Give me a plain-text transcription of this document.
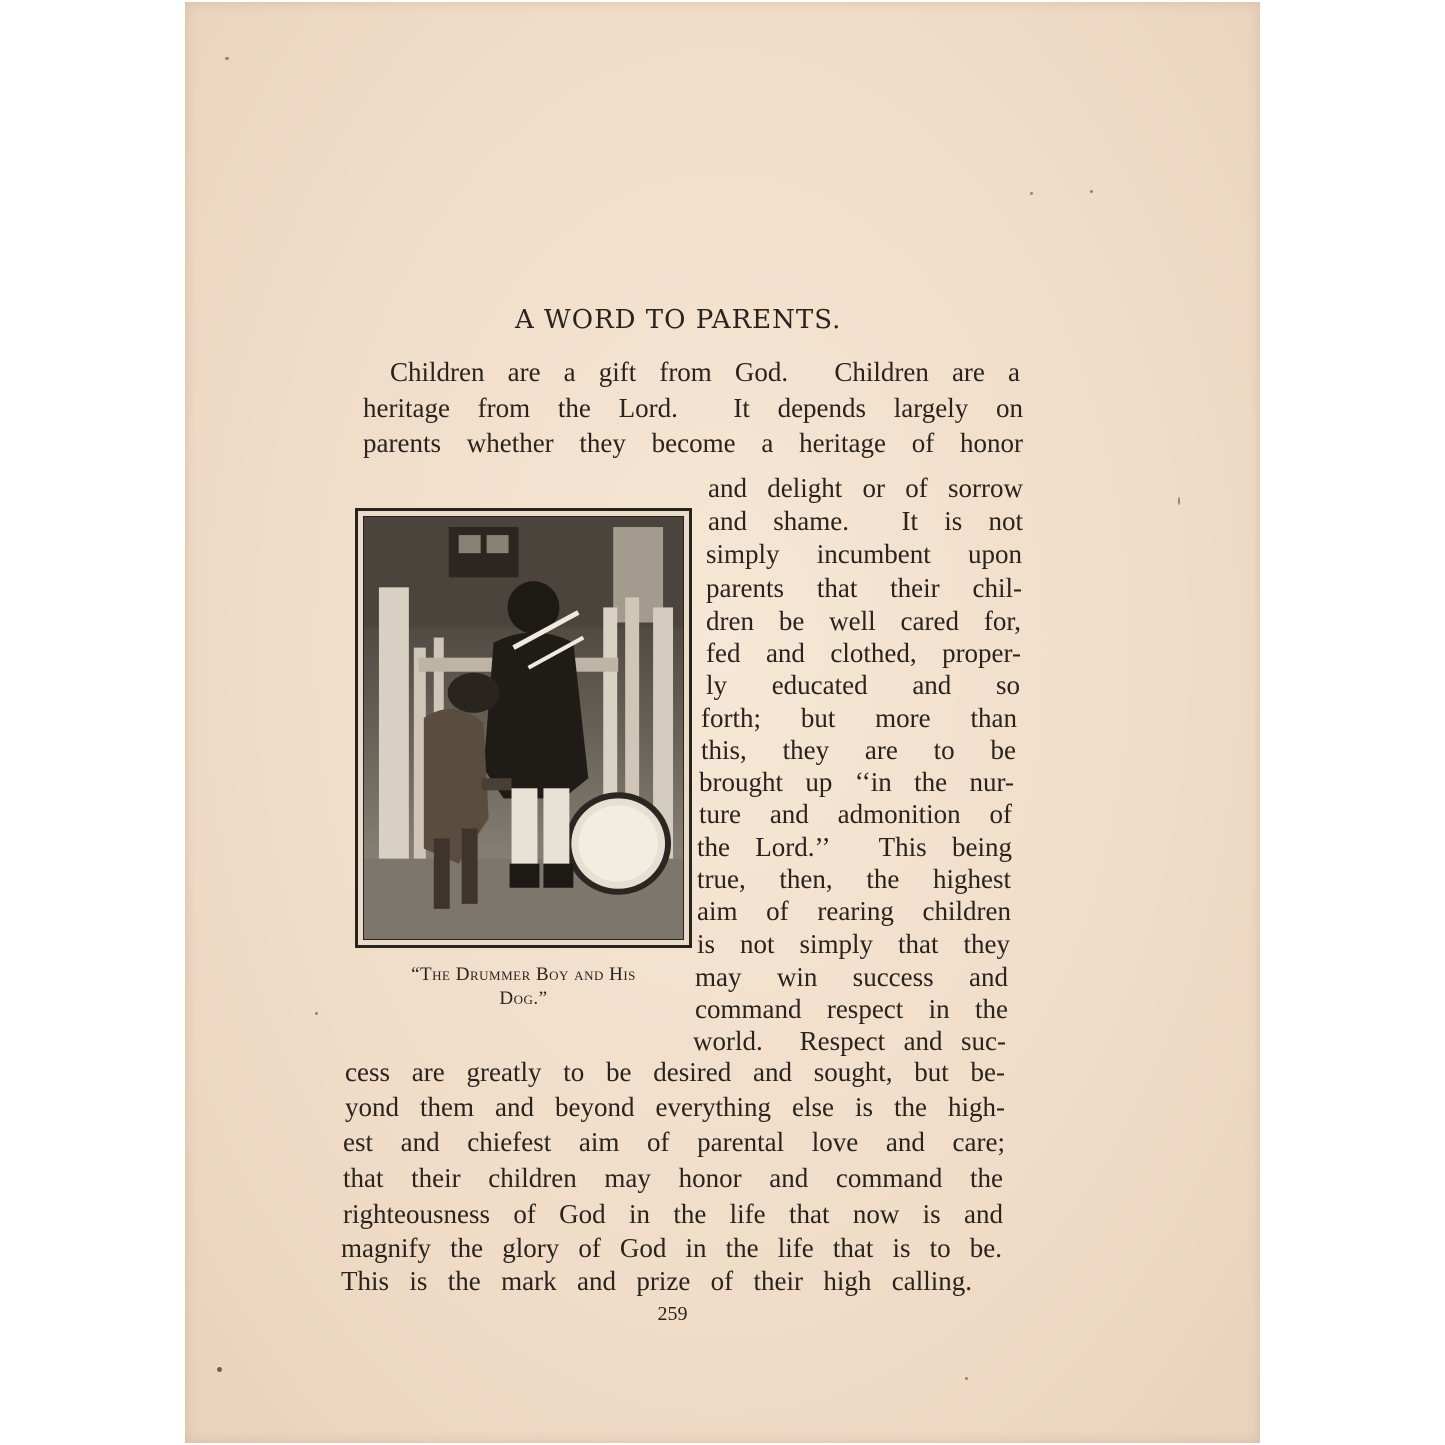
A WORD TO PARENTS.
Children are a gift from God.  Children are a
heritage from the Lord.  It depends largely on
parents whether they become a heritage of honor
“The Drummer Boy and His
Dog.”
and delight or of sorrow
and shame.  It is not
simply incumbent upon
parents that their chil-
dren be well cared for,
fed and clothed, proper-
ly   educated   and   so
forth; but more than
this, they are to be
brought up ‘‘in the nur-
ture and admonition of
the Lord.’’  This being
true, then, the highest
aim of rearing children
is not simply that they
may win success and
command respect in the
world.  Respect and suc-
cess are greatly to be desired and sought, but be-
yond them and beyond everything else is the high-
est and chiefest aim of parental love and care;
that their children may honor and command the
righteousness of God in the life that now is and
magnify the glory of God in the life that is to be.
This is the mark and prize of their high calling.
259
